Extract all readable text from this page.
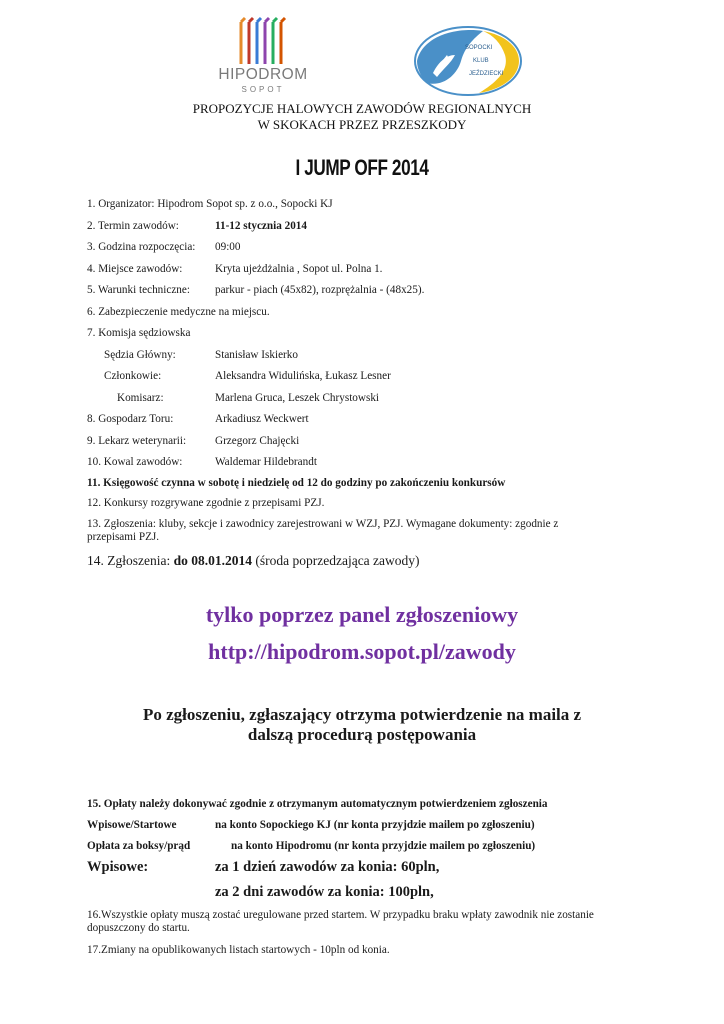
HIPODROM
SOPOT
SOPOCKI
KLUB
JEŹDZIECKI
PROPOZYCJE HALOWYCH ZAWODÓW REGIONALNYCH
W SKOKACH PRZEZ PRZESZKODY
I JUMP OFF 2014
1. Organizator: Hipodrom Sopot sp. z o.o., Sopocki KJ
2. Termin zawodów:	11-12 stycznia 2014
3. Godzina rozpoczęcia: 09:00
4. Miejsce zawodów:	Kryta ujeżdżalnia , Sopot ul. Polna 1.
5. Warunki techniczne: parkur - piach (45x82), rozprężalnia - (48x25).
6. Zabezpieczenie medyczne na miejscu.
7. Komisja sędziowska
Sędzia Główny:	Stanisław Iskierko
Członkowie:	Aleksandra Widulińska, Łukasz Lesner
Komisarz:	Marlena Gruca, Leszek Chrystowski
8. Gospodarz Toru:	Arkadiusz Weckwert
9. Lekarz weterynarii:	Grzegorz Chajęcki
10. Kowal zawodów:	Waldemar Hildebrandt
11. Księgowość czynna w sobotę i niedzielę od 12 do godziny po zakończeniu konkursów
12. Konkursy rozgrywane zgodnie z przepisami PZJ.
13. Zgłoszenia: kluby, sekcje i zawodnicy zarejestrowani w WZJ, PZJ. Wymagane dokumenty: zgodnie z
przepisami PZJ.
14. Zgłoszenia: do 08.01.2014 (środa poprzedzająca zawody)
tylko poprzez panel zgłoszeniowy
http://hipodrom.sopot.pl/zawody
Po zgłoszeniu, zgłaszający otrzyma potwierdzenie na maila z
dalszą procedurą postępowania
15. Opłaty należy dokonywać zgodnie z otrzymanym automatycznym potwierdzeniem zgłoszenia
Wpisowe/Startowe	na konto Sopockiego KJ (nr konta przyjdzie mailem po zgłoszeniu)
Opłata za boksy/prąd	na konto Hipodromu (nr konta przyjdzie mailem po zgłoszeniu)
Wpisowe:	za 1 dzień zawodów za konia: 60pln,
za 2 dni zawodów za konia: 100pln,
16.Wszystkie opłaty muszą zostać uregulowane przed startem. W przypadku braku wpłaty zawodnik nie zostanie
dopuszczony do startu.
17.Zmiany na opublikowanych listach startowych - 10pln od konia.
